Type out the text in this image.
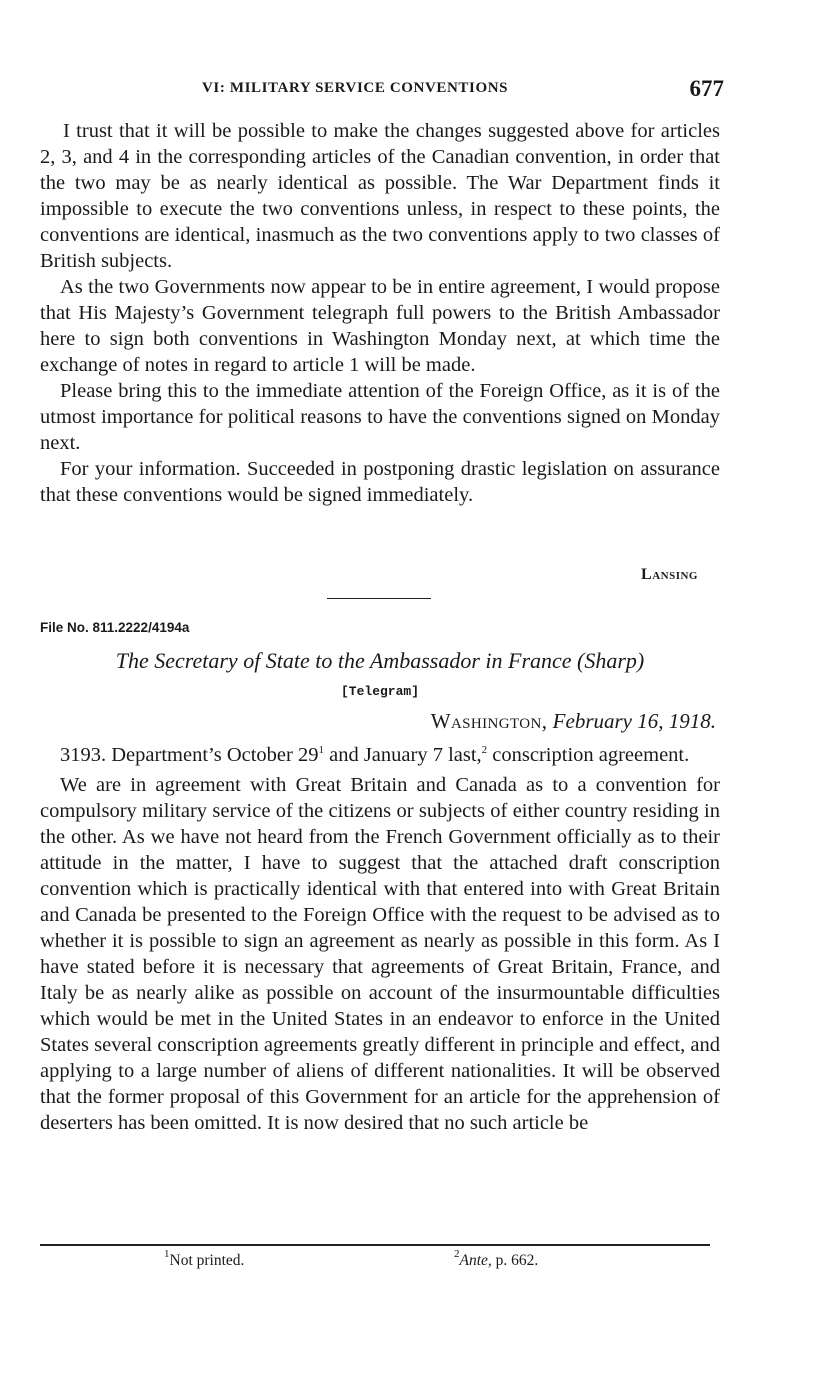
VI: MILITARY SERVICE CONVENTIONS	677

I trust that it will be possible to make the changes suggested above for articles 2, 3, and 4 in the corresponding articles of the Canadian convention, in order that the two may be as nearly identical as possible. The War Department finds it impossible to execute the two conventions unless, in respect to these points, the conventions are identical, inasmuch as the two conventions apply to two classes of British subjects.

As the two Governments now appear to be in entire agreement, I would propose that His Majesty’s Government telegraph full powers to the British Ambassador here to sign both conventions in Washington Monday next, at which time the exchange of notes in regard to article 1 will be made.

Please bring this to the immediate attention of the Foreign Office, as it is of the utmost importance for political reasons to have the conventions signed on Monday next.

For your information. Succeeded in postponing drastic legislation on assurance that these conventions would be signed immediately.

Lansing
File No. 811.2222/4194a
The Secretary of State to the Ambassador in France (Sharp)
[Telegram]
Washington, February 16, 1918.

3193. Department’s October $29^1$ and January 7 last,$^2$ conscription agreement.

We are in agreement with Great Britain and Canada as to a convention for compulsory military service of the citizens or subjects of either country residing in the other. As we have not heard from the French Government officially as to their attitude in the matter, I have to suggest that the attached draft conscription convention which is practically identical with that entered into with Great Britain and Canada be presented to the Foreign Office with the request to be advised as to whether it is possible to sign an agreement as nearly as possible in this form. As I have stated before it is necessary that agreements of Great Britain, France, and Italy be as nearly alike as possible on account of the insurmountable difficulties which would be met in the United States in an endeavor to enforce in the United States several conscription agreements greatly different in principle and effect, and applying to a large number of aliens of different nationalities. It will be observed that the former proposal of this Government for an article for the apprehension of deserters has been omitted. It is now desired that no such article be

$^1$Not printed.	$^2$Ante, p. 662.
